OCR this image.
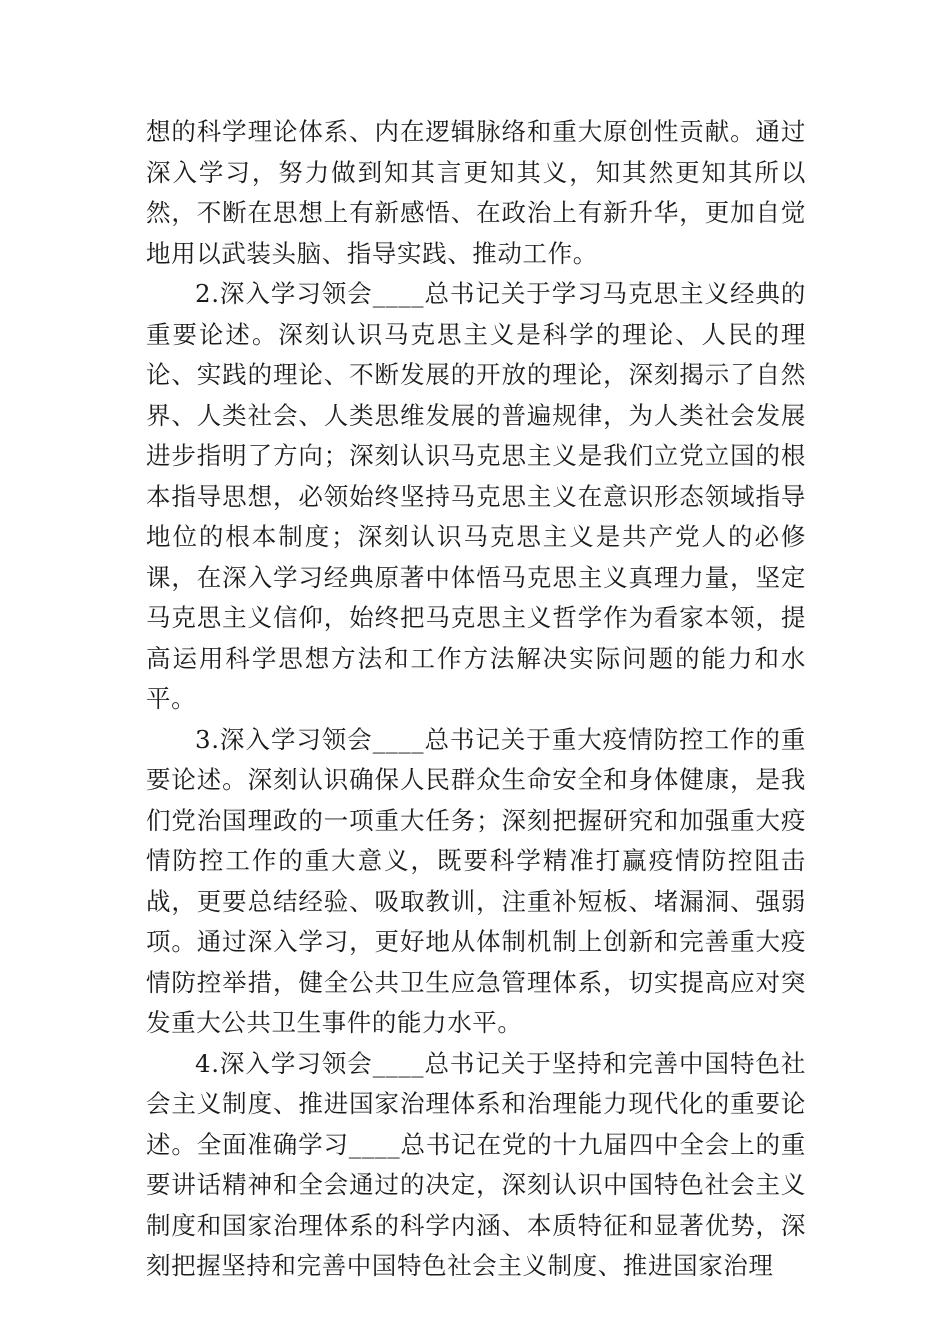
想的科学理论体系、内在逻辑脉络和重大原创性贡献。通过深入学习，努力做到知其言更知其义，知其然更知其所以然，不断在思想上有新感悟、在政治上有新升华，更加自觉地用以武装头脑、指导实践、推动工作。

2.深入学习领会____总书记关于学习马克思主义经典的重要论述。深刻认识马克思主义是科学的理论、人民的理论、实践的理论、不断发展的开放的理论，深刻揭示了自然界、人类社会、人类思维发展的普遍规律，为人类社会发展进步指明了方向；深刻认识马克思主义是我们立党立国的根本指导思想，必领始终坚持马克思主义在意识形态领域指导地位的根本制度；深刻认识马克思主义是共产党人的必修课，在深入学习经典原著中体悟马克思主义真理力量，坚定马克思主义信仰，始终把马克思主义哲学作为看家本领，提高运用科学思想方法和工作方法解决实际问题的能力和水平。

3.深入学习领会____总书记关于重大疫情防控工作的重要论述。深刻认识确保人民群众生命安全和身体健康，是我们党治国理政的一项重大任务；深刻把握研究和加强重大疫情防控工作的重大意义，既要科学精准打赢疫情防控阻击战，更要总结经验、吸取教训，注重补短板、堵漏洞、强弱项。通过深入学习，更好地从体制机制上创新和完善重大疫情防控举措，健全公共卫生应急管理体系，切实提高应对突发重大公共卫生事件的能力水平。

4.深入学习领会____总书记关于坚持和完善中国特色社会主义制度、推进国家治理体系和治理能力现代化的重要论述。全面准确学习____总书记在党的十九届四中全会上的重要讲话精神和全会通过的决定，深刻认识中国特色社会主义制度和国家治理体系的科学内涵、本质特征和显著优势，深刻把握坚持和完善中国特色社会主义制度、推进国家治理
